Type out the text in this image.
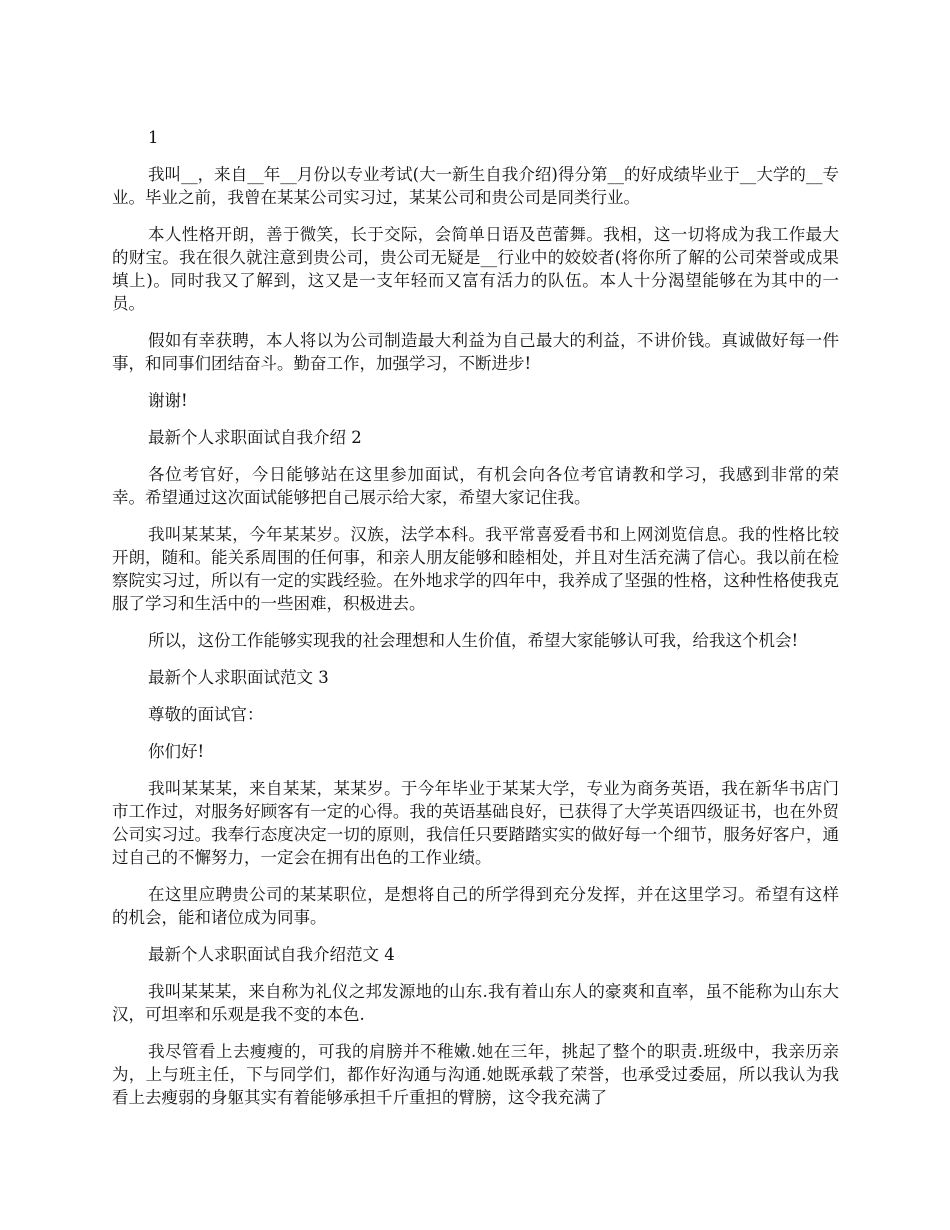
1

我叫__，来自__年__月份以专业考试(大一新生自我介绍)得分第__的好成绩毕业于__大学的__专业。毕业之前，我曾在某某公司实习过，某某公司和贵公司是同类行业。

本人性格开朗，善于微笑，长于交际，会简单日语及芭蕾舞。我相，这一切将成为我工作最大的财宝。我在很久就注意到贵公司，贵公司无疑是__行业中的姣姣者(将你所了解的公司荣誉或成果填上)。同时我又了解到，这又是一支年轻而又富有活力的队伍。本人十分渴望能够在为其中的一员。

假如有幸获聘，本人将以为公司制造最大利益为自己最大的利益，不讲价钱。真诚做好每一件事，和同事们团结奋斗。勤奋工作，加强学习，不断进步!

谢谢!

最新个人求职面试自我介绍 2

各位考官好，今日能够站在这里参加面试，有机会向各位考官请教和学习，我感到非常的荣幸。希望通过这次面试能够把自己展示给大家，希望大家记住我。

我叫某某某，今年某某岁。汉族，法学本科。我平常喜爱看书和上网浏览信息。我的性格比较开朗，随和。能关系周围的任何事，和亲人朋友能够和睦相处，并且对生活充满了信心。我以前在检察院实习过，所以有一定的实践经验。在外地求学的四年中，我养成了坚强的性格，这种性格使我克服了学习和生活中的一些困难，积极进去。

所以，这份工作能够实现我的社会理想和人生价值，希望大家能够认可我，给我这个机会!

最新个人求职面试范文 3

尊敬的面试官：

你们好!

我叫某某某，来自某某，某某岁。于今年毕业于某某大学，专业为商务英语，我在新华书店门市工作过，对服务好顾客有一定的心得。我的英语基础良好，已获得了大学英语四级证书，也在外贸公司实习过。我奉行态度决定一切的原则，我信任只要踏踏实实的做好每一个细节，服务好客户，通过自己的不懈努力，一定会在拥有出色的工作业绩。

在这里应聘贵公司的某某职位，是想将自己的所学得到充分发挥，并在这里学习。希望有这样的机会，能和诸位成为同事。

最新个人求职面试自我介绍范文 4

我叫某某某，来自称为礼仪之邦发源地的山东.我有着山东人的豪爽和直率，虽不能称为山东大汉，可坦率和乐观是我不变的本色.

我尽管看上去瘦瘦的，可我的肩膀并不稚嫩.她在三年，挑起了整个的职责.班级中，我亲历亲为，上与班主任，下与同学们，都作好沟通与沟通.她既承载了荣誉，也承受过委屈，所以我认为我看上去瘦弱的身躯其实有着能够承担千斤重担的臂膀，这令我充满了
